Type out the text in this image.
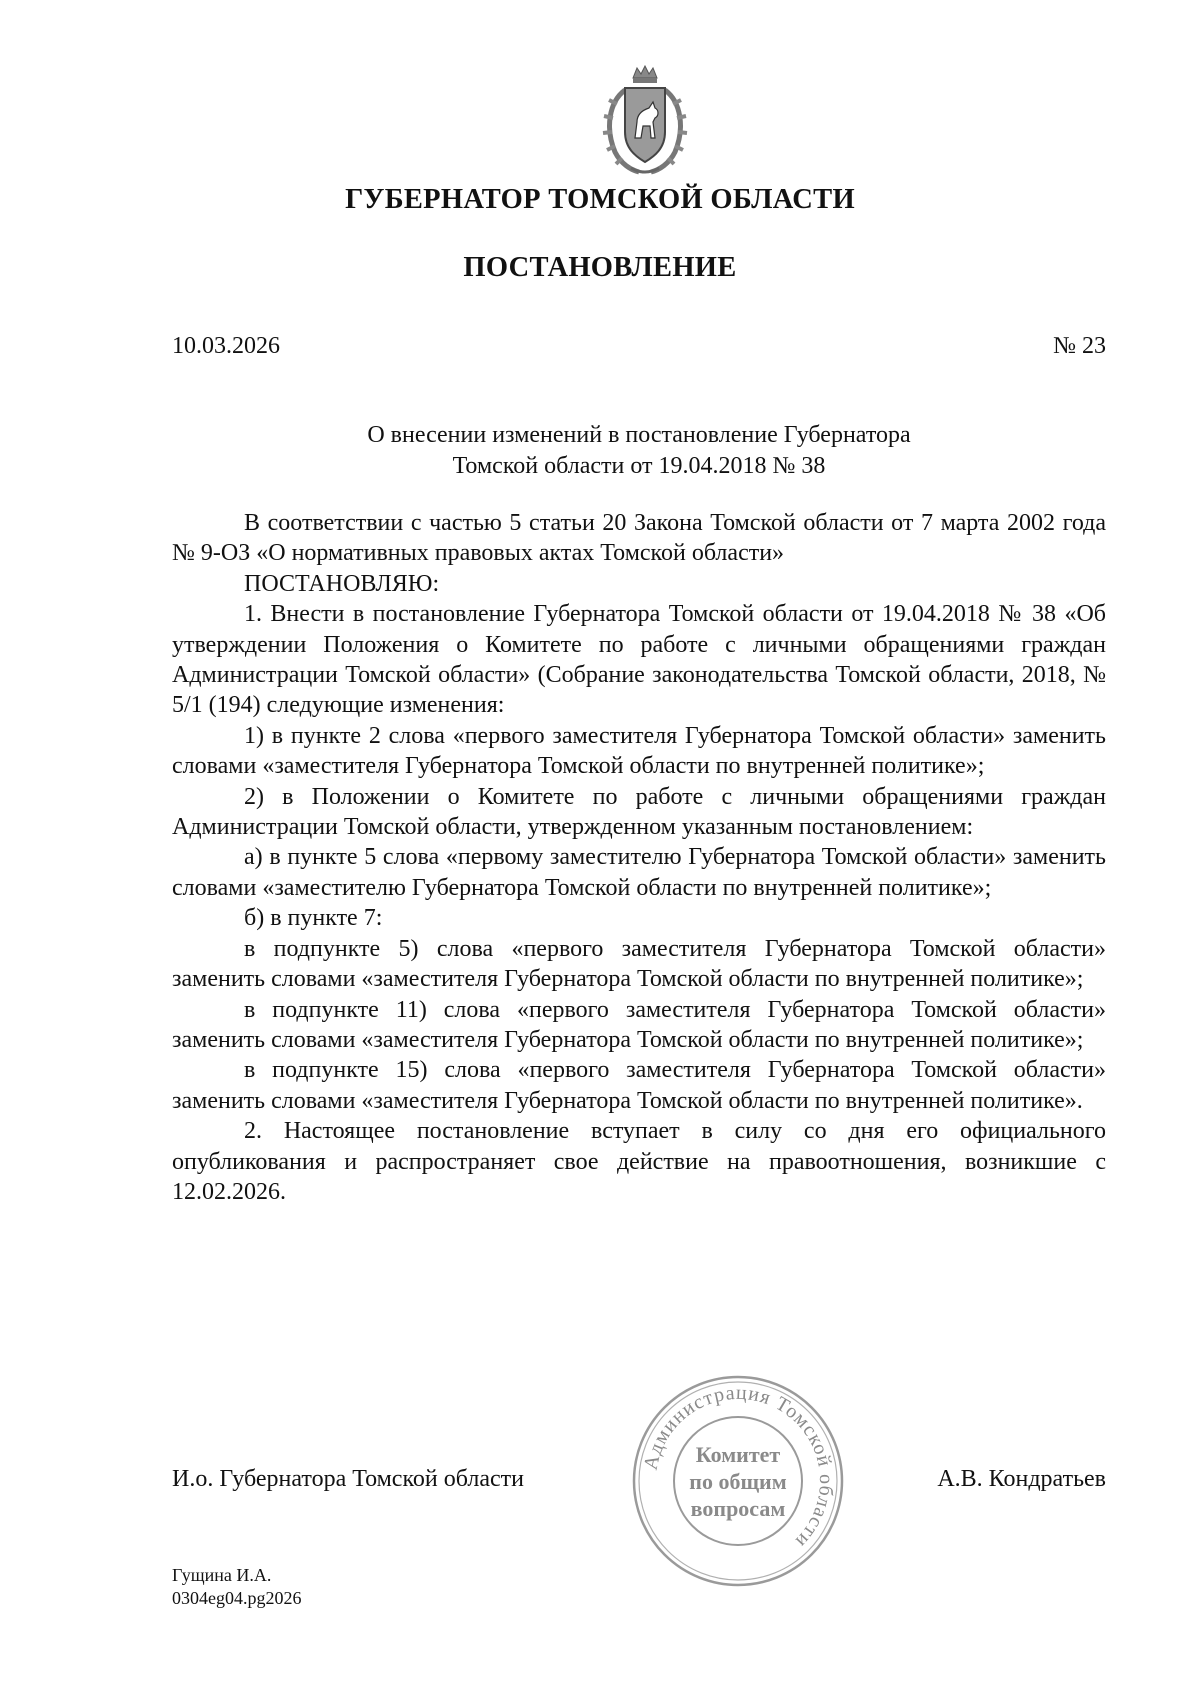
ГУБЕРНАТОР ТОМСКОЙ ОБЛАСТИ
ПОСТАНОВЛЕНИЕ
10.03.2026	№ 23
О внесении изменений в постановление Губернатора
Томской области от 19.04.2018 № 38

В соответствии с частью 5 статьи 20 Закона Томской области от 7 марта 2002 года № 9-ОЗ «О нормативных правовых актах Томской области»

ПОСТАНОВЛЯЮ:

1. Внести в постановление Губернатора Томской области от 19.04.2018 № 38 «Об утверждении Положения о Комитете по работе с личными обращениями граждан Администрации Томской области» (Собрание законодательства Томской области, 2018, № 5/1 (194) следующие изменения:

1) в пункте 2 слова «первого заместителя Губернатора Томской области» заменить словами «заместителя Губернатора Томской области по внутренней политике»;

2) в Положении о Комитете по работе с личными обращениями граждан Администрации Томской области, утвержденном указанным постановлением:

а) в пункте 5 слова «первому заместителю Губернатора Томской области» заменить словами «заместителю Губернатора Томской области по внутренней политике»;

б) в пункте 7:

в подпункте 5) слова «первого заместителя Губернатора Томской области» заменить словами «заместителя Губернатора Томской области по внутренней политике»;

в подпункте 11) слова «первого заместителя Губернатора Томской области» заменить словами «заместителя Губернатора Томской области по внутренней политике»;

в подпункте 15) слова «первого заместителя Губернатора Томской области» заменить словами «заместителя Губернатора Томской области по внутренней политике».

2. Настоящее постановление вступает в силу со дня его официального опубликования и распространяет свое действие на правоотношения, возникшие с 12.02.2026.

И.о. Губернатора Томской области
Администрация Томской области
Комитет
по общим
вопросам
А.В. Кондратьев
Гущина И.А.
0304eg04.pg2026
